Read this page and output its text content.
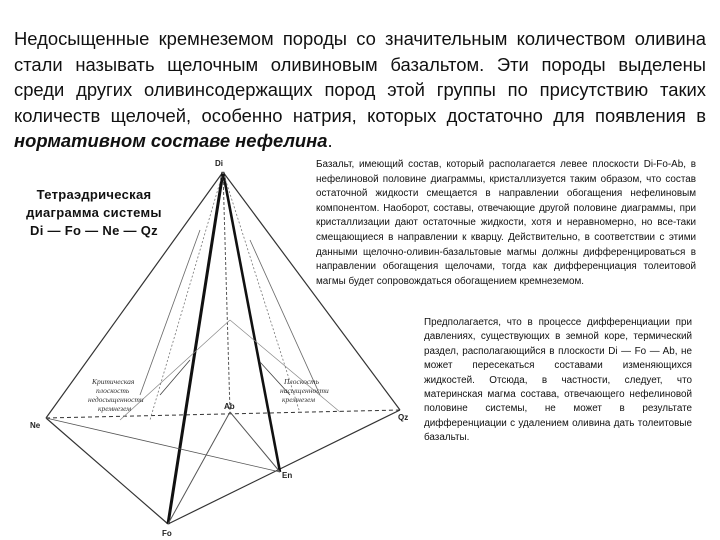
Недосыщенные кремнеземом породы со значительным количеством оливина стали называть щелочным оливиновым базальтом. Эти породы выделены среди других оливинсодержащих пород этой группы по присутствию таких количеств щелочей, особенно натрия, которых достаточно для появления в нормативном составе нефелина.

Тетраэдрическая
диаграмма системы
Di — Fo — Ne — Qz
Di
Fo
Ne
Qz
Ab
En
Критическая
плоскость
недосыщенности
кремнезем
Плоскость
насыщенности
кремнезем

Базальт, имеющий состав, который располагается левее плоскости Di-Fo-Ab, в нефелиновой половине диаграммы, кристаллизуется таким образом, что состав остаточной жидкости смещается в направлении обогащения нефелиновым компонентом. Наоборот, составы, отвечающие другой половине диаграммы, при кристаллизации дают остаточные жидкости, хотя и неравномерно, но все-таки смещающиеся в направлении к кварцу. Действительно, в соответствии с этими данными щелочно-оливин-базальтовые магмы должны дифференцироваться в направлении обогащения щелочами, тогда как дифференциация толеитовой магмы будет сопровождаться обогащением кремнеземом.

Предполагается, что в процессе дифференциации при давлениях, существующих в земной коре, термический раздел, располагающийся в плоскости Di — Fo — Ab, не может пересекаться составами изменяющихся жидкостей. Отсюда, в частности, следует, что материнская магма состава, отвечающего нефелиновой половине системы, не может в результате дифференциации с удалением оливина дать толеитовые базальты.
